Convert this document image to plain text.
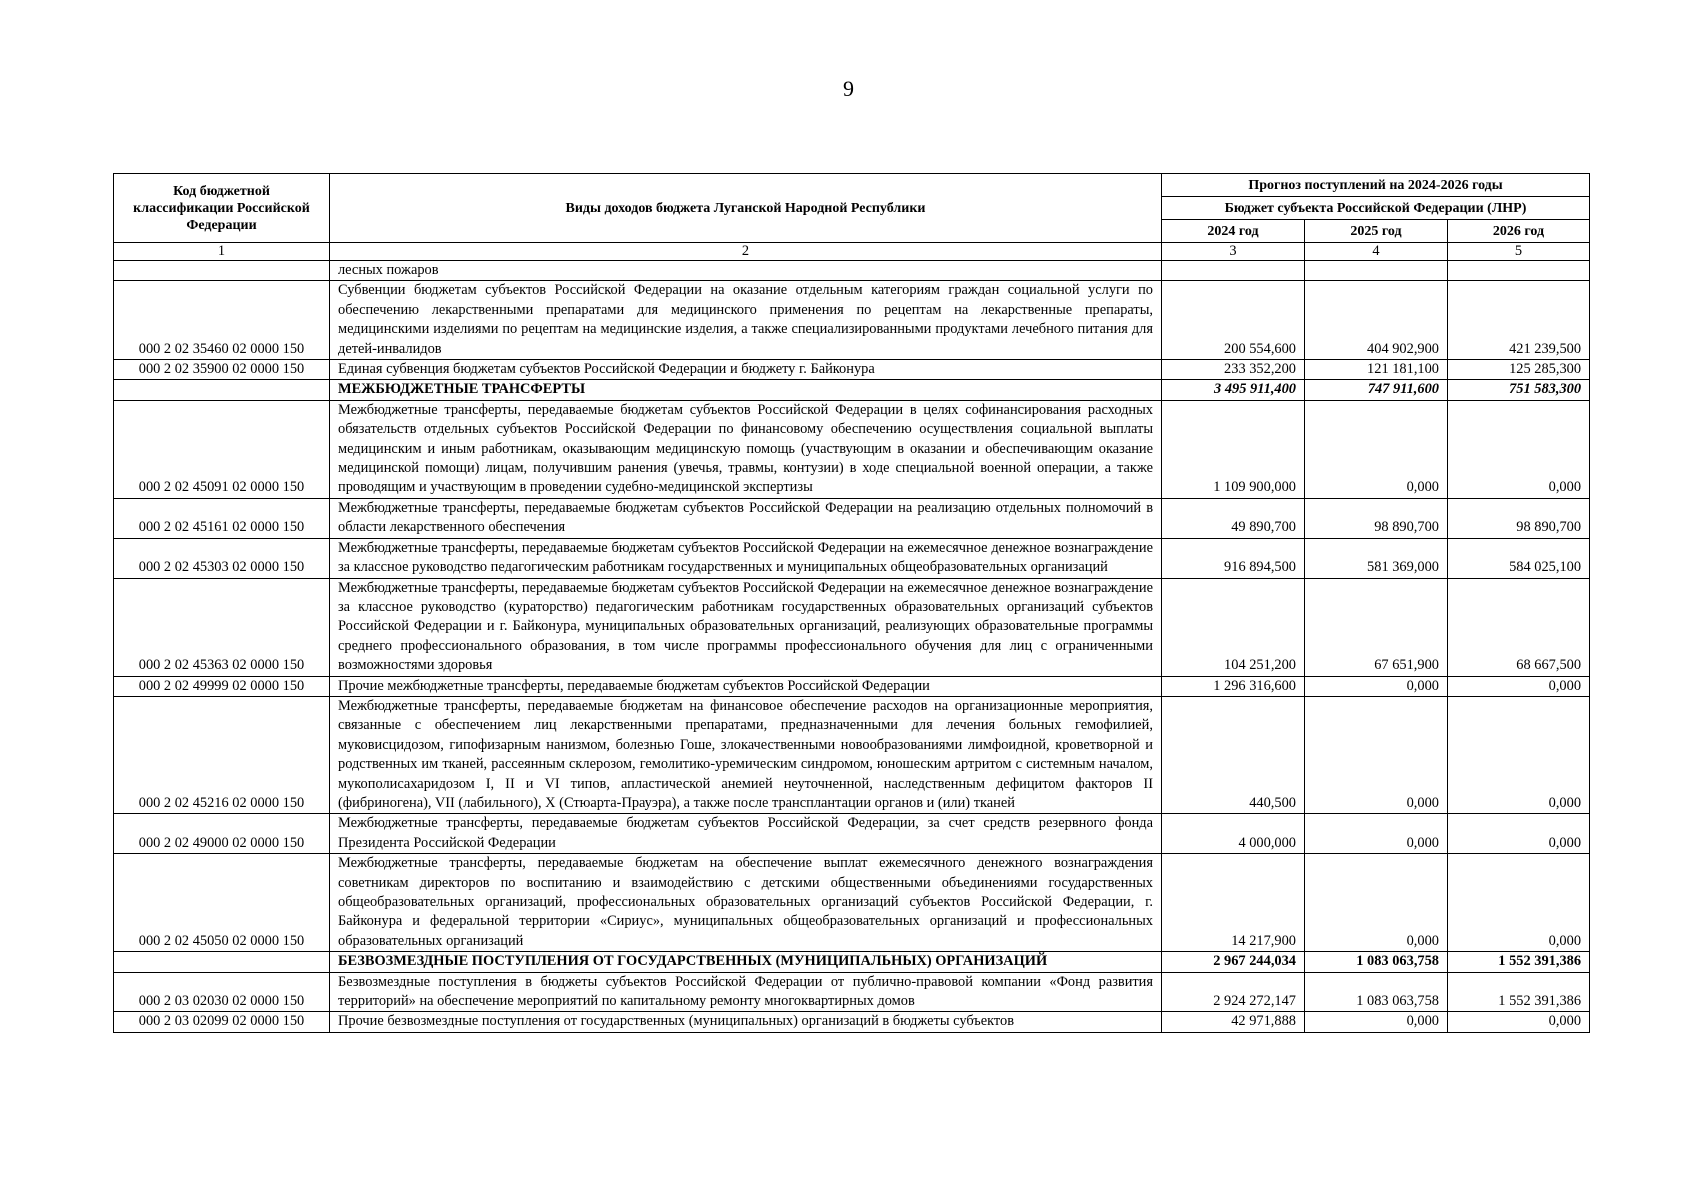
9
Код бюджетной классификации Российской Федерации	Виды доходов бюджета Луганской Народной Республики	Прогноз поступлений на 2024-2026 годы		
		Бюджет субъекта Российской Федерации (ЛНР)		
		2024 год	2025 год	2026 год
1	2	3	4	5
	лесных пожаров			
000 2 02 35460 02 0000 150	Субвенции бюджетам субъектов Российской Федерации на оказание отдельным категориям граждан социальной услуги по обеспечению лекарственными препаратами для медицинского применения по рецептам на лекарственные препараты, медицинскими изделиями по рецептам на медицинские изделия, а также специализированными продуктами лечебного питания для детей-инвалидов	200 554,600	404 902,900	421 239,500
000 2 02 35900 02 0000 150	Единая субвенция бюджетам субъектов Российской Федерации и бюджету г. Байконура	233 352,200	121 181,100	125 285,300
	МЕЖБЮДЖЕТНЫЕ ТРАНСФЕРТЫ	3 495 911,400	747 911,600	751 583,300
000 2 02 45091 02 0000 150	Межбюджетные трансферты, передаваемые бюджетам субъектов Российской Федерации в целях софинансирования расходных обязательств отдельных субъектов Российской Федерации по финансовому обеспечению осуществления социальной выплаты медицинским и иным работникам, оказывающим медицинскую помощь (участвующим в оказании и обеспечивающим оказание медицинской помощи) лицам, получившим ранения (увечья, травмы, контузии) в ходе специальной военной операции, а также проводящим и участвующим в проведении судебно-медицинской экспертизы	1 109 900,000	0,000	0,000
000 2 02 45161 02 0000 150	Межбюджетные трансферты, передаваемые бюджетам субъектов Российской Федерации на реализацию отдельных полномочий в области лекарственного обеспечения	49 890,700	98 890,700	98 890,700
000 2 02 45303 02 0000 150	Межбюджетные трансферты, передаваемые бюджетам субъектов Российской Федерации на ежемесячное денежное вознаграждение за классное руководство педагогическим работникам государственных и муниципальных общеобразовательных организаций	916 894,500	581 369,000	584 025,100
000 2 02 45363 02 0000 150	Межбюджетные трансферты, передаваемые бюджетам субъектов Российской Федерации на ежемесячное денежное вознаграждение за классное руководство (кураторство) педагогическим работникам государственных образовательных организаций субъектов Российской Федерации и г. Байконура, муниципальных образовательных организаций, реализующих образовательные программы среднего профессионального образования, в том числе программы профессионального обучения для лиц с ограниченными возможностями здоровья	104 251,200	67 651,900	68 667,500
000 2 02 49999 02 0000 150	Прочие межбюджетные трансферты, передаваемые бюджетам субъектов Российской Федерации	1 296 316,600	0,000	0,000
000 2 02 45216 02 0000 150	Межбюджетные трансферты, передаваемые бюджетам на финансовое обеспечение расходов на организационные мероприятия, связанные с обеспечением лиц лекарственными препаратами, предназначенными для лечения больных гемофилией, муковисцидозом, гипофизарным нанизмом, болезнью Гоше, злокачественными новообразованиями лимфоидной, кроветворной и родственных им тканей, рассеянным склерозом, гемолитико-уремическим синдромом, юношеским артритом с системным началом, мукополисахаридозом I, II и VI типов, апластической анемией неуточненной, наследственным дефицитом факторов II (фибриногена), VII (лабильного), X (Стюарта-Прауэра), а также после трансплантации органов и (или) тканей	440,500	0,000	0,000
000 2 02 49000 02 0000 150	Межбюджетные трансферты, передаваемые бюджетам субъектов Российской Федерации, за счет средств резервного фонда Президента Российской Федерации	4 000,000	0,000	0,000
000 2 02 45050 02 0000 150	Межбюджетные трансферты, передаваемые бюджетам на обеспечение выплат ежемесячного денежного вознаграждения советникам директоров по воспитанию и взаимодействию с детскими общественными объединениями государственных общеобразовательных организаций, профессиональных образовательных организаций субъектов Российской Федерации, г. Байконура и федеральной территории «Сириус», муниципальных общеобразовательных организаций и профессиональных образовательных организаций	14 217,900	0,000	0,000
	БЕЗВОЗМЕЗДНЫЕ ПОСТУПЛЕНИЯ ОТ ГОСУДАРСТВЕННЫХ (МУНИЦИПАЛЬНЫХ) ОРГАНИЗАЦИЙ	2 967 244,034	1 083 063,758	1 552 391,386
000 2 03 02030 02 0000 150	Безвозмездные поступления в бюджеты субъектов Российской Федерации от публично-правовой компании «Фонд развития территорий» на обеспечение мероприятий по капитальному ремонту многоквартирных домов	2 924 272,147	1 083 063,758	1 552 391,386
000 2 03 02099 02 0000 150	Прочие безвозмездные поступления от государственных (муниципальных) организаций в бюджеты субъектов	42 971,888	0,000	0,000
